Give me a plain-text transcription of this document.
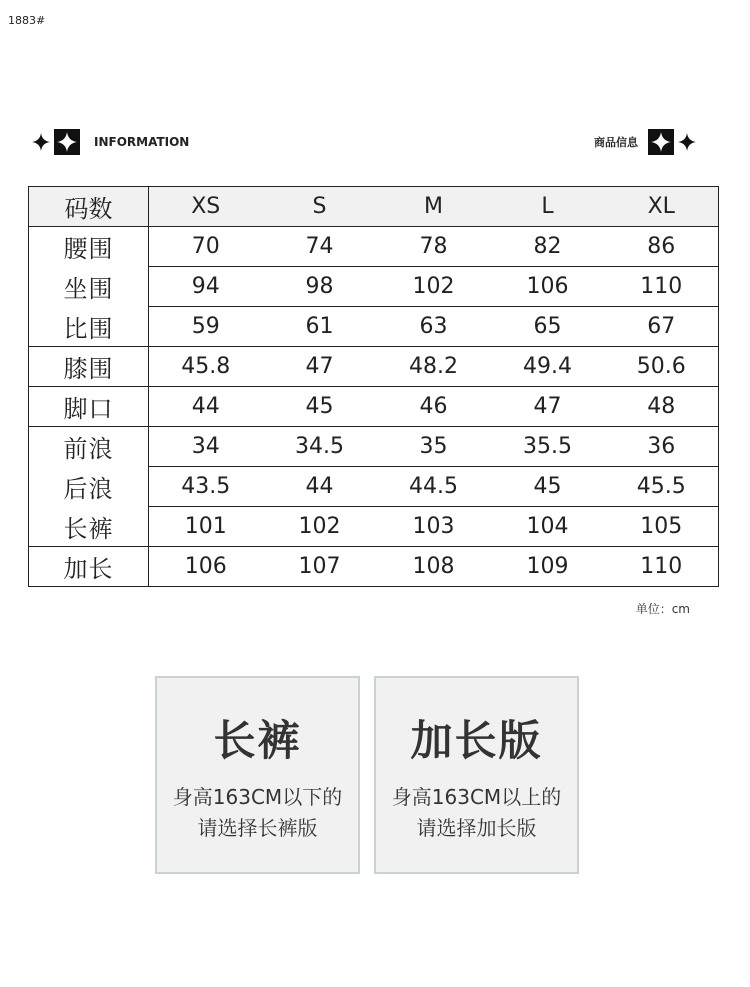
1883#
INFORMATION	商品信息
码数	XS	S	M	L	XL
腰围	70	74	78	82	86
坐围	94	98	102	106	110
比围	59	61	63	65	67
膝围	45.8	47	48.2	49.4	50.6
脚口	44	45	46	47	48
前浪	34	34.5	35	35.5	36
后浪	43.5	44	44.5	45	45.5
长裤	101	102	103	104	105
加长	106	107	108	109	110
单位：cm
长裤
身高163CM以下的
请选择长裤版
加长版
身高163CM以上的
请选择加长版
